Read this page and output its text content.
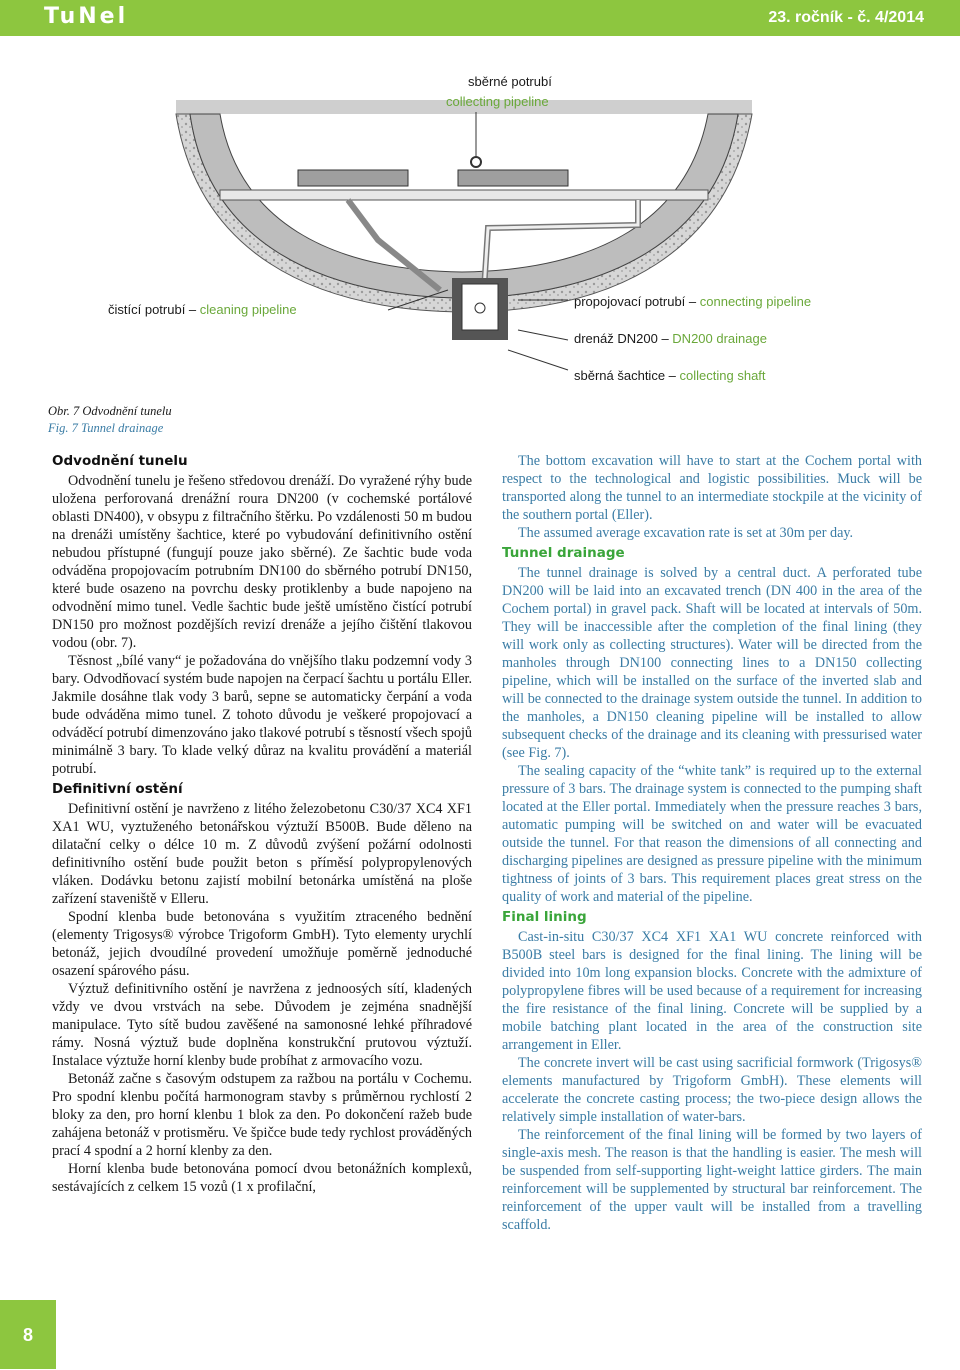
TuNel	23. ročník - č. 4/2014
sběrné potrubí
collecting pipeline
čistící potrubí – cleaning pipeline
propojovací potrubí – connecting pipeline
drenáž DN200 – DN200 drainage
sběrná šachtice – collecting shaft
Obr. 7 Odvodnění tunelu
Fig. 7 Tunnel drainage
Odvodnění tunelu

Odvodnění tunelu je řešeno středovou drenáží. Do vyražené rýhy bude uložena perforovaná drenážní roura DN200 (v cochemské portálové oblasti DN400), v obsypu z filtračního štěrku. Po vzdálenosti 50 m budou na drenáži umístěny šachtice, které po vybudování definitivního ostění nebudou přístupné (fungují pouze jako sběrné). Ze šachtic bude voda odváděna propojovacím potrubním DN100 do sběrného potrubí DN150, které bude osazeno na povrchu desky protiklenby a bude napojeno na odvodnění mimo tunel. Vedle šachtic bude ještě umístěno čistící potrubí DN150 pro možnost pozdějších revizí drenáže a jejího čištění tlakovou vodou (obr. 7).

Těsnost „bílé vany“ je požadována do vnějšího tlaku podzemní vody 3 bary. Odvodňovací systém bude napojen na čerpací šachtu u portálu Eller. Jakmile dosáhne tlak vody 3 barů, sepne se automaticky čerpání a voda bude odváděna mimo tunel. Z tohoto důvodu je veškeré propojovací a odváděcí potrubí dimenzováno jako tlakové potrubí s těsností všech spojů minimálně 3 bary. To klade velký důraz na kvalitu provádění a materiál potrubí.

Definitivní ostění

Definitivní ostění je navrženo z litého železobetonu C30/37 XC4 XF1 XA1 WU, vyztuženého betonářskou výztuží B500B. Bude děleno na dilatační celky o délce 10 m. Z důvodů zvýšení požární odolnosti definitivního ostění bude použit beton s příměsí polypropylenových vláken. Dodávku betonu zajistí mobilní betonárka umístěná na ploše zařízení staveniště v Elleru.

Spodní klenba bude betonována s využitím ztraceného bednění (elementy Trigosys® výrobce Trigoform GmbH). Tyto elementy urychlí betonáž, jejich dvoudílné provedení umožňuje poměrně jednoduché osazení spárového pásu.

Výztuž definitivního ostění je navržena z jednoosých sítí, kladených vždy ve dvou vrstvách na sebe. Důvodem je zejména snadnější manipulace. Tyto sítě budou zavěšené na samonosné lehké příhradové rámy. Nosná výztuž bude doplněna konstrukční prutovou výztuží. Instalace výztuže horní klenby bude probíhat z armovacího vozu.

Betonáž začne s časovým odstupem za ražbou na portálu v Cochemu. Pro spodní klenbu počítá harmonogram stavby s průměrnou rychlostí 2 bloky za den, pro horní klenbu 1 blok za den. Po dokončení ražeb bude zahájena betonáž v protisměru. Ve špičce bude tedy rychlost prováděných prací 4 spodní a 2 horní klenby za den.

Horní klenba bude betonována pomocí dvou betonážních komplexů, sestávajících z celkem 15 vozů (1 x profilační,

The bottom excavation will have to start at the Cochem portal with respect to the technological and logistic possibilities. Muck will be transported along the tunnel to an intermediate stockpile at the vicinity of the southern portal (Eller).

The assumed average excavation rate is set at 30m per day.

Tunnel drainage

The tunnel drainage is solved by a central duct. A perforated tube DN200 will be laid into an excavated trench (DN 400 in the area of the Cochem portal) in gravel pack. Shaft will be located at intervals of 50m. They will be inaccessible after the completion of the final lining (they will work only as collecting structures). Water will be directed from the manholes through DN100 connecting lines to a DN150 collecting pipeline, which will be installed on the surface of the inverted slab and will be connected to the drainage system outside the tunnel. In addition to the manholes, a DN150 cleaning pipeline will be installed to allow subsequent checks of the drainage and its cleaning with pressurised water (see Fig. 7).

The sealing capacity of the “white tank” is required up to the external pressure of 3 bars. The drainage system is connected to the pumping shaft located at the Eller portal. Immediately when the pressure reaches 3 bars, automatic pumping will be switched on and water will be evacuated outside the tunnel. For that reason the dimensions of all connecting and discharging pipelines are designed as pressure pipeline with the minimum tightness of joints of 3 bars. This requirement places great stress on the quality of work and material of the pipeline.

Final lining

Cast-in-situ C30/37 XC4 XF1 XA1 WU concrete reinforced with B500B steel bars is designed for the final lining. The lining will be divided into 10m long expansion blocks. Concrete with the admixture of polypropylene fibres will be used because of a requirement for increasing the fire resistance of the final lining. Concrete will be supplied by a mobile batching plant located in the area of the construction site arrangement in Eller.

The concrete invert will be cast using sacrificial formwork (Trigosys® elements manufactured by Trigoform GmbH). These elements will accelerate the concrete casting process; the two-piece design allows the relatively simple installation of water-bars.

The reinforcement of the final lining will be formed by two layers of single-axis mesh. The reason is that the handling is easier. The mesh will be suspended from self-supporting light-weight lattice girders. The main reinforcement will be supplemented by structural bar reinforcement. The reinforcement of the upper vault will be installed from a travelling scaffold.

8
